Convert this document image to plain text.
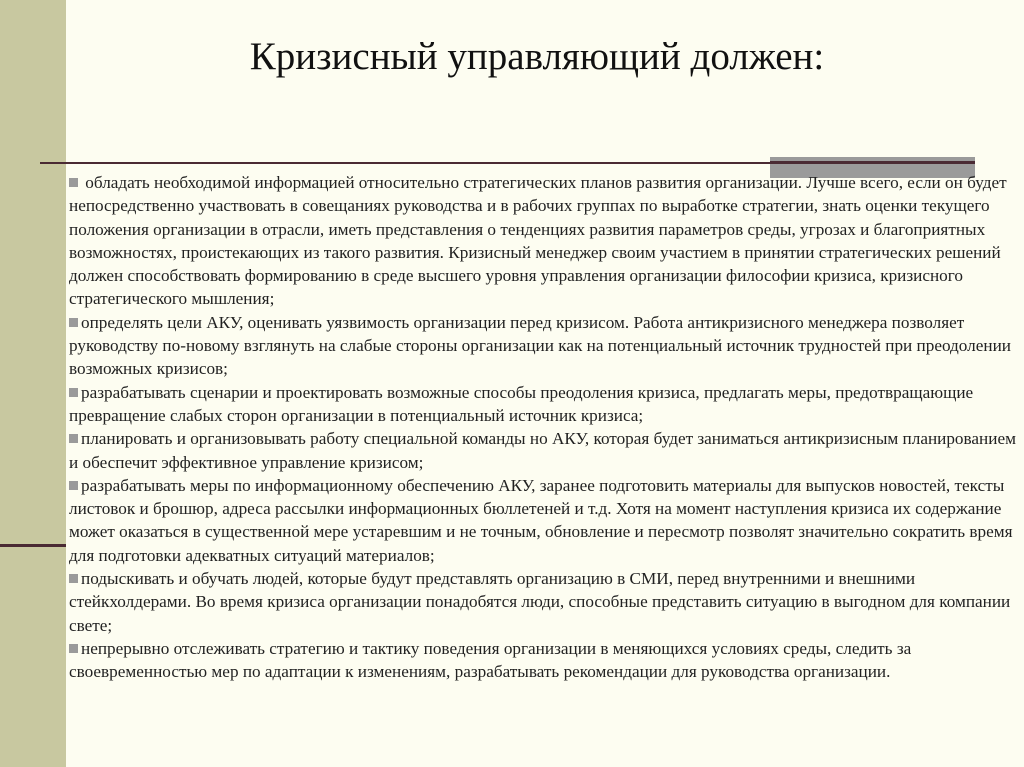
Кризисный управляющий должен:

обладать необходимой информацией относительно стратегических планов развития организации. Лучше всего, если он будет непосредственно участвовать в совещаниях руководства и в рабочих группах по выработке стратегии, знать оценки текущего положения организации в отрасли, иметь представления о тенденциях развития параметров среды, угрозах и благоприятных возможностях, проистекающих из такого развития. Кризисный менеджер своим участием в принятии стратегических решений должен способствовать формированию в среде высшего уровня управления организации философии кризиса, кризисного стратегического мышления;

определять цели АКУ, оценивать уязвимость организации перед кризисом. Работа антикризисного менеджера позволяет руководству по-новому взглянуть на слабые стороны организации как на потенциальный источник трудностей при преодолении возможных кризисов;

разрабатывать сценарии и проектировать возможные способы преодоления кризиса, предлагать меры, предотвращающие превращение слабых сторон организации в потенциальный источник кризиса;

планировать и организовывать работу специальной команды но АКУ, которая будет заниматься антикризисным планированием и обеспечит эффективное управление кризисом;

разрабатывать меры по информационному обеспечению АКУ, заранее подготовить материалы для выпусков новостей, тексты листовок и брошюр, адреса рассылки информационных бюллетеней и т.д. Хотя на момент наступления кризиса их содержание может оказаться в существенной мере устаревшим и не точным, обновление и пересмотр позволят значительно сократить время для подготовки адекватных ситуаций материалов;

подыскивать и обучать людей, которые будут представлять организацию в СМИ, перед внутренними и внешними стейкхолдерами. Во время кризиса организации понадобятся люди, способные представить ситуацию в выгодном для компании свете;

непрерывно отслеживать стратегию и тактику поведения организации в меняющихся условиях среды, следить за своевременностью мер по адаптации к изменениям, разрабатывать рекомендации для руководства организации.
